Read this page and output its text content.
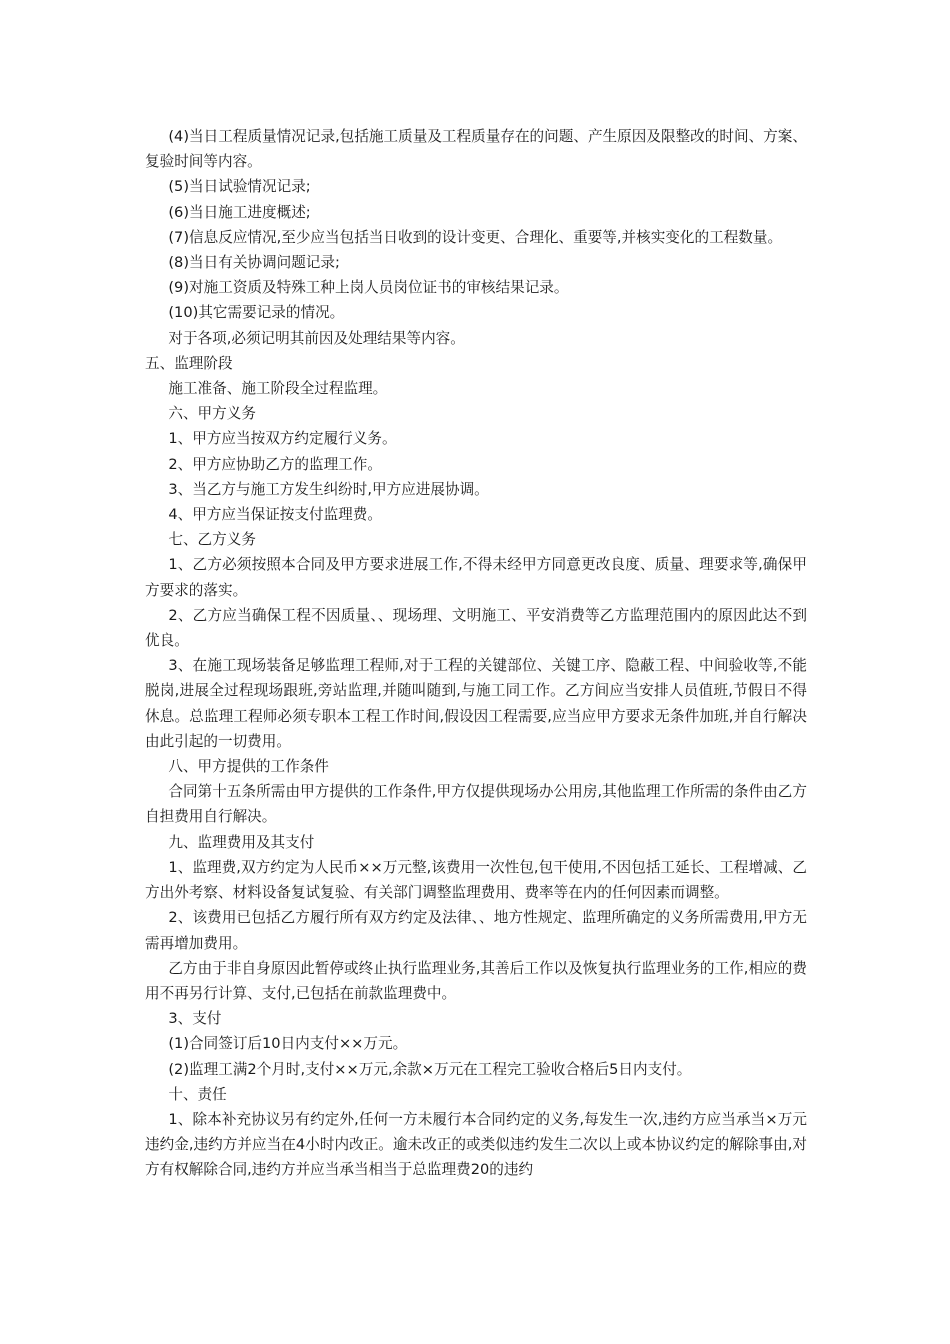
(4)当日工程质量情况记录,包括施工质量及工程质量存在的问题、产生原因及限整改的时间、方案、复验时间等内容。

(5)当日试验情况记录;

(6)当日施工进度概述;

(7)信息反应情况,至少应当包括当日收到的设计变更、合理化、重要等,并核实变化的工程数量。

(8)当日有关协调问题记录;

(9)对施工资质及特殊工种上岗人员岗位证书的审核结果记录。

(10)其它需要记录的情况。

对于各项,必须记明其前因及处理结果等内容。

五、监理阶段

施工准备、施工阶段全过程监理。

六、甲方义务

1、甲方应当按双方约定履行义务。

2、甲方应协助乙方的监理工作。

3、当乙方与施工方发生纠纷时,甲方应进展协调。

4、甲方应当保证按支付监理费。

七、乙方义务

1、乙方必须按照本合同及甲方要求进展工作,不得未经甲方同意更改良度、质量、理要求等,确保甲方要求的落实。

2、乙方应当确保工程不因质量、、现场理、文明施工、平安消费等乙方监理范围内的原因此达不到优良。

3、在施工现场装备足够监理工程师,对于工程的关键部位、关键工序、隐蔽工程、中间验收等,不能脱岗,进展全过程现场跟班,旁站监理,并随叫随到,与施工同工作。乙方间应当安排人员值班,节假日不得休息。总监理工程师必须专职本工程工作时间,假设因工程需要,应当应甲方要求无条件加班,并自行解决由此引起的一切费用。

八、甲方提供的工作条件

合同第十五条所需由甲方提供的工作条件,甲方仅提供现场办公用房,其他监理工作所需的条件由乙方自担费用自行解决。

九、监理费用及其支付

1、监理费,双方约定为人民币××万元整,该费用一次性包,包干使用,不因包括工延长、工程增减、乙方出外考察、材料设备复试复验、有关部门调整监理费用、费率等在内的任何因素而调整。

2、该费用已包括乙方履行所有双方约定及法律、、地方性规定、监理所确定的义务所需费用,甲方无需再增加费用。

乙方由于非自身原因此暂停或终止执行监理业务,其善后工作以及恢复执行监理业务的工作,相应的费用不再另行计算、支付,已包括在前款监理费中。

3、支付

(1)合同签订后10日内支付××万元。

(2)监理工满2个月时,支付××万元,余款×万元在工程完工验收合格后5日内支付。

十、责任

1、除本补充协议另有约定外,任何一方未履行本合同约定的义务,每发生一次,违约方应当承当×万元违约金,违约方并应当在4小时内改正。逾未改正的或类似违约发生二次以上或本协议约定的解除事由,对方有权解除合同,违约方并应当承当相当于总监理费20的违约
